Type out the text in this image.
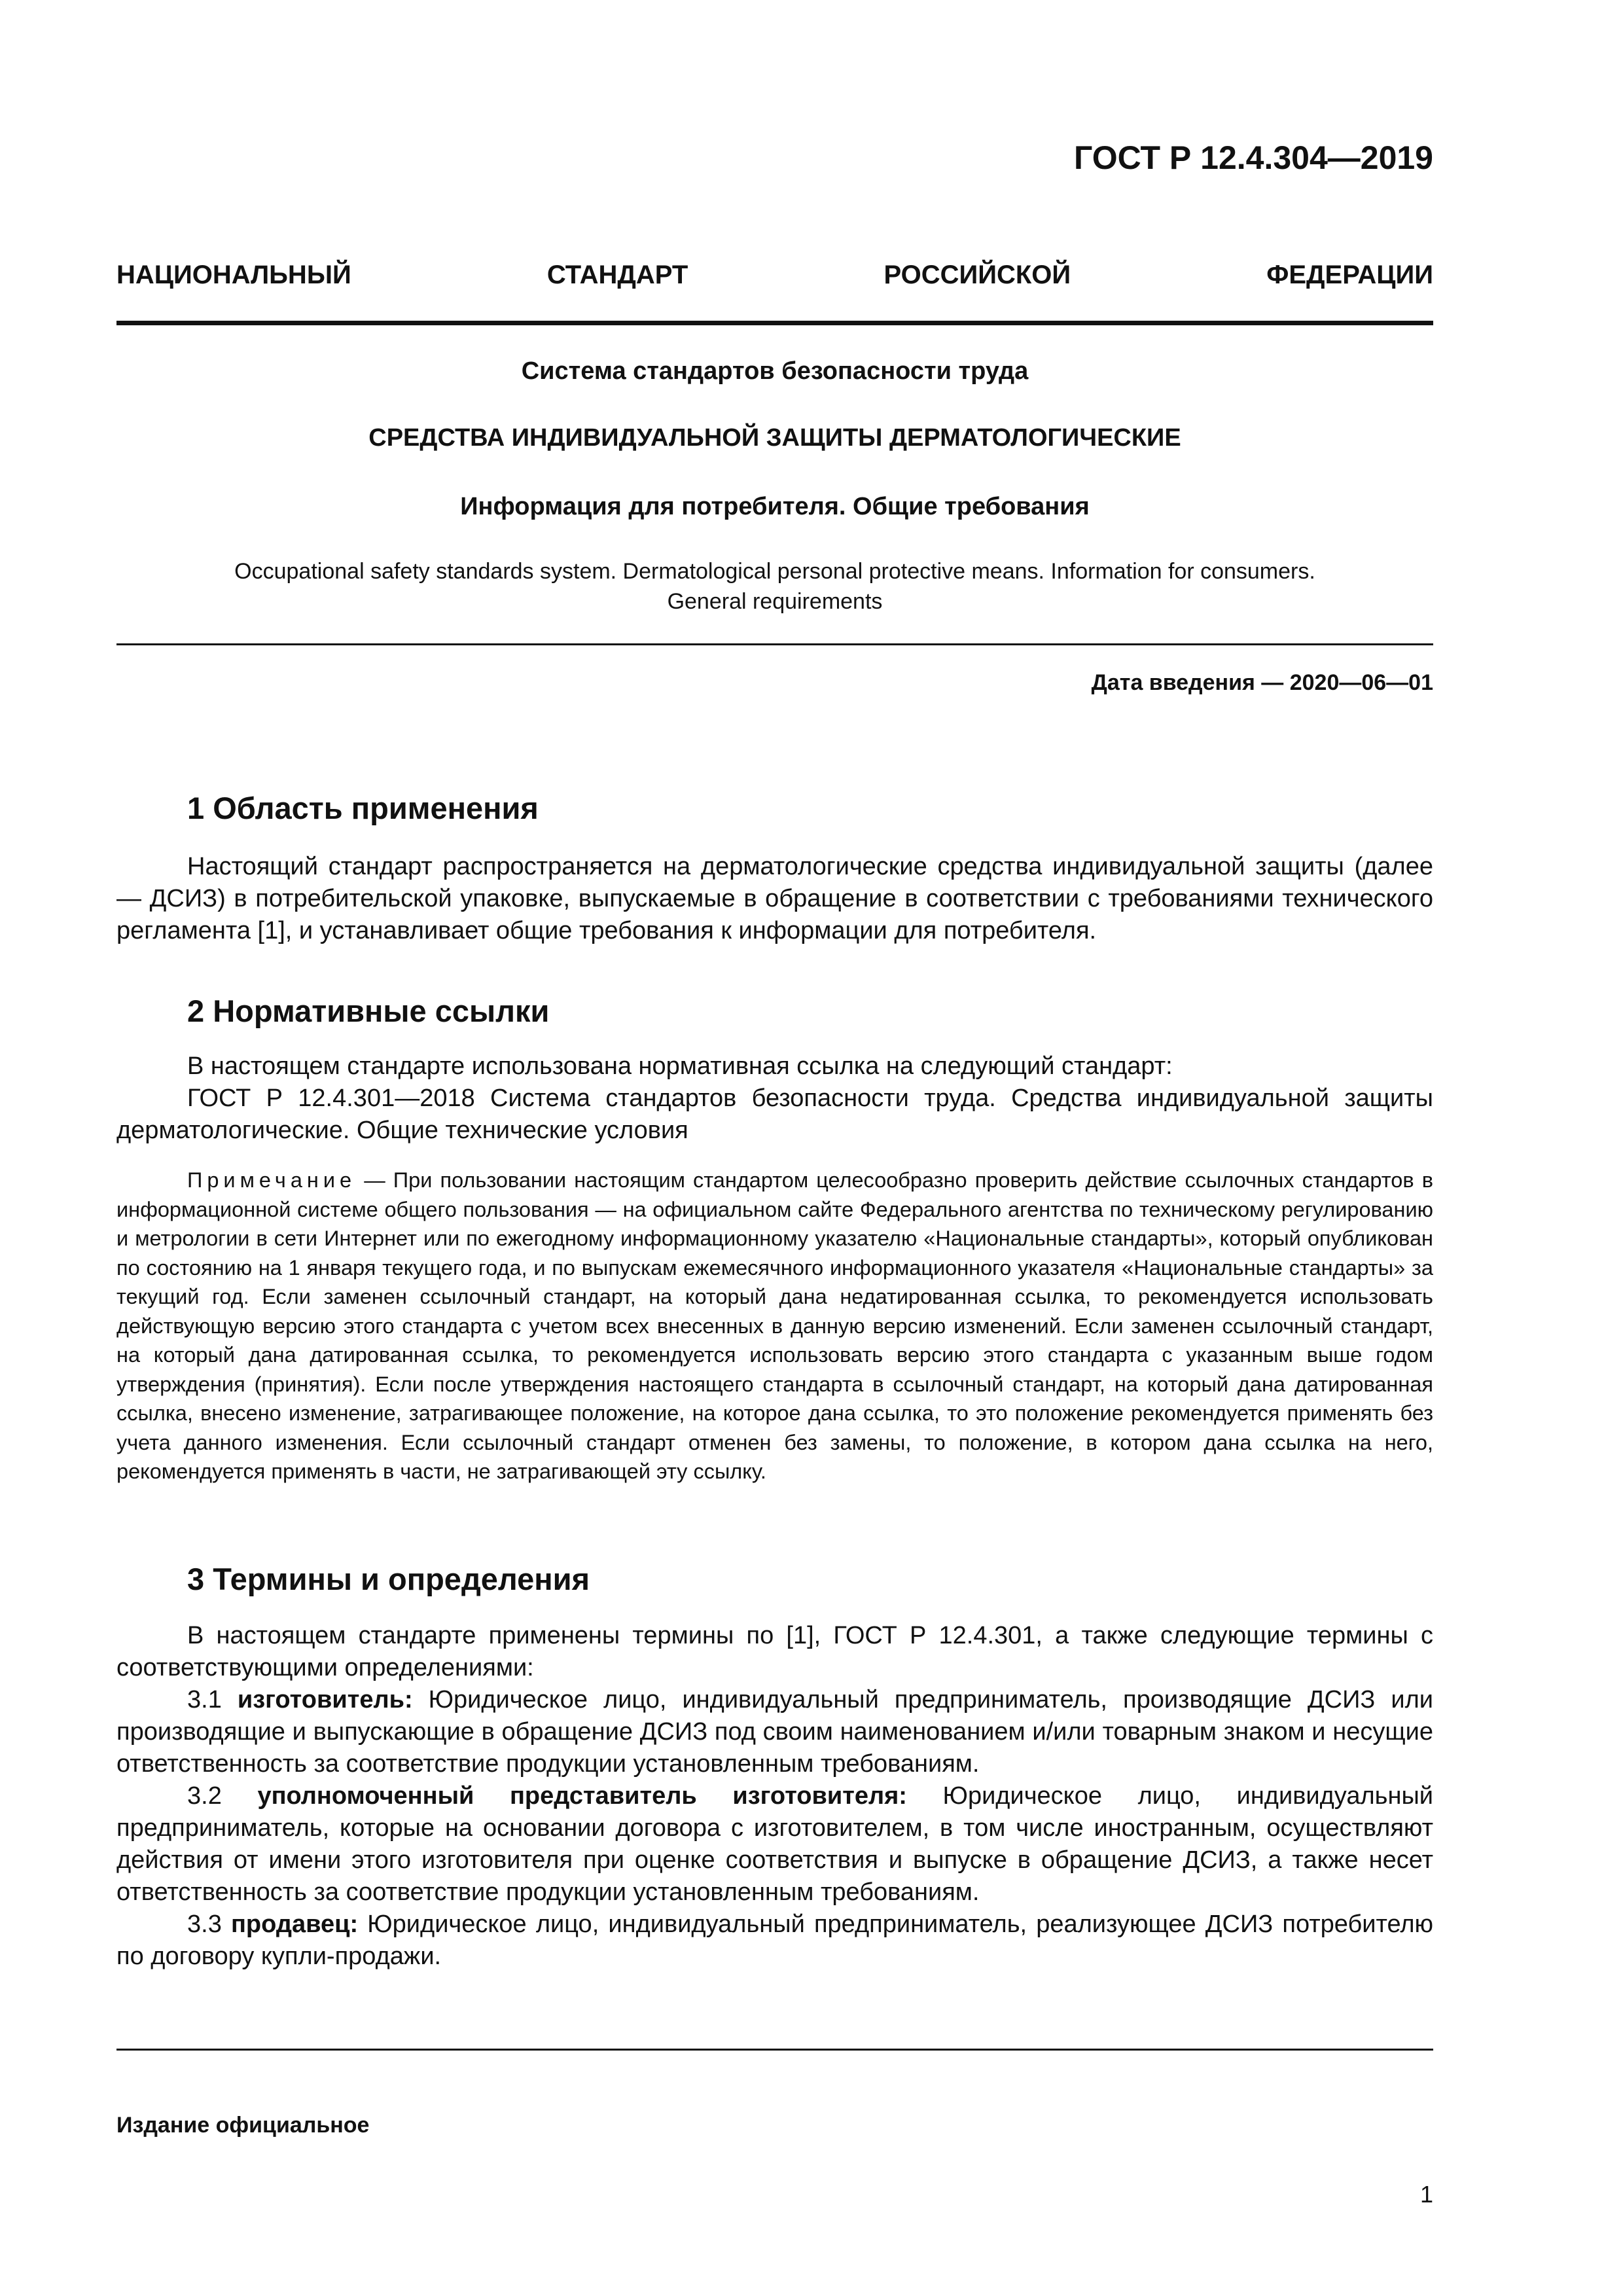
ГОСТ Р 12.4.304—2019
НАЦИОНАЛЬНЫЙ СТАНДАРТ РОССИЙСКОЙ ФЕДЕРАЦИИ
Система стандартов безопасности труда
СРЕДСТВА ИНДИВИДУАЛЬНОЙ ЗАЩИТЫ ДЕРМАТОЛОГИЧЕСКИЕ
Информация для потребителя. Общие требования
Occupational safety standards system. Dermatological personal protective means. Information for consumers.
General requirements
Дата введения — 2020—06—01
1 Область применения

Настоящий стандарт распространяется на дерматологические средства индивидуальной защиты (далее — ДСИЗ) в потребительской упаковке, выпускаемые в обращение в соответствии с требованиями технического регламента [1], и устанавливает общие требования к информации для потребителя.

2 Нормативные ссылки

В настоящем стандарте использована нормативная ссылка на следующий стандарт:

ГОСТ Р 12.4.301—2018 Система стандартов безопасности труда. Средства индивидуальной защиты дерматологические. Общие технические условия

Примечание — При пользовании настоящим стандартом целесообразно проверить действие ссылочных стандартов в информационной системе общего пользования — на официальном сайте Федерального агентства по техническому регулированию и метрологии в сети Интернет или по ежегодному информационному указателю «Национальные стандарты», который опубликован по состоянию на 1 января текущего года, и по выпускам ежемесячного информационного указателя «Национальные стандарты» за текущий год. Если заменен ссылочный стандарт, на который дана недатированная ссылка, то рекомендуется использовать действующую версию этого стандарта с учетом всех внесенных в данную версию изменений. Если заменен ссылочный стандарт, на который дана датированная ссылка, то рекомендуется использовать версию этого стандарта с указанным выше годом утверждения (принятия). Если после утверждения настоящего стандарта в ссылочный стандарт, на который дана датированная ссылка, внесено изменение, затрагивающее положение, на которое дана ссылка, то это положение рекомендуется применять без учета данного изменения. Если ссылочный стандарт отменен без замены, то положение, в котором дана ссылка на него, рекомендуется применять в части, не затрагивающей эту ссылку.

3 Термины и определения

В настоящем стандарте применены термины по [1], ГОСТ Р 12.4.301, а также следующие термины с соответствующими определениями:

3.1 изготовитель: Юридическое лицо, индивидуальный предприниматель, производящие ДСИЗ или производящие и выпускающие в обращение ДСИЗ под своим наименованием и/или товарным знаком и несущие ответственность за соответствие продукции установленным требованиям.

3.2 уполномоченный представитель изготовителя: Юридическое лицо, индивидуальный предприниматель, которые на основании договора с изготовителем, в том числе иностранным, осуществляют действия от имени этого изготовителя при оценке соответствия и выпуске в обращение ДСИЗ, а также несет ответственность за соответствие продукции установленным требованиям.

3.3 продавец: Юридическое лицо, индивидуальный предприниматель, реализующее ДСИЗ потребителю по договору купли-продажи.

Издание официальное
1
